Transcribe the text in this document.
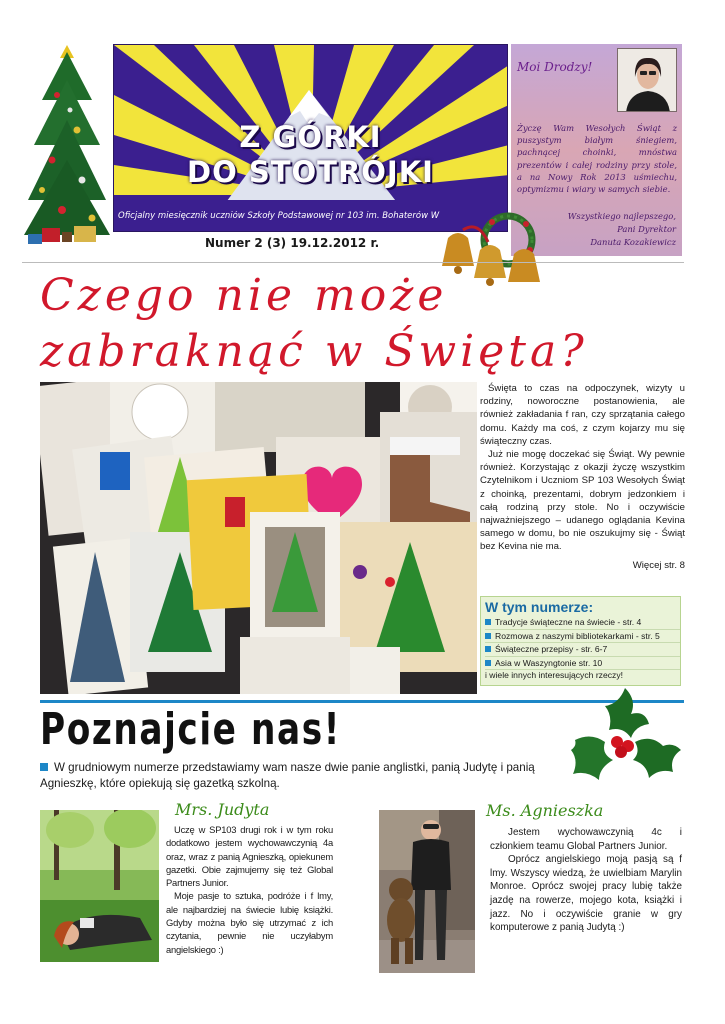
Z GÓRKI
DO STOTRÓJKI
Oficjalny miesięcznik uczniów Szkoły Podstawowej nr 103 im. Bohaterów W
Moi Drodzy!
Życzę Wam Wesołych Świąt z puszystym białym śniegiem, pachnącej choinki, mnóstwa prezentów i całej rodziny przy stole, a na Nowy Rok 2013 uśmiechu, optymizmu i wiary w samych siebie.
Wszystkiego najlepszego,
Pani Dyrektor
Danuta Kozakiewicz
Numer 2 (3) 19.12.2012 r.
Czego nie może
zabraknąć w Święta?

Święta to czas na odpoczynek, wizyty u rodziny, noworoczne postanowienia, ale również zakładania f ran, czy sprzątania całego domu. Każdy ma coś, z czym kojarzy mu się świąteczny czas.

Już nie mogę doczekać się Świąt. Wy pewnie również. Korzystając z okazji życzę wszystkim Czytelnikom i Uczniom SP 103 Wesołych Świąt z choinką, prezentami, dobrym jedzonkiem i całą rodziną przy stole. No i oczywiście najważniejszego – udanego oglądania Kevina samego w domu, bo nie oszukujmy się - Świąt bez Kevina nie ma.

Więcej str. 8

W tym numerze:
Tradycje świąteczne na świecie - str. 4
Rozmowa z naszymi bibliotekarkami - str. 5
Świąteczne przepisy - str. 6-7
Asia w Waszyngtonie str. 10
i wiele innych interesujących rzeczy!
Poznajcie nas!
W grudniowym numerze przedstawiamy wam nasze dwie panie anglistki, panią Judytę i panią Agnieszkę, które opiekują się gazetką szkolną.
Mrs. Judyta

Uczę w SP103 drugi rok i w tym roku dodatkowo jestem wychowawczynią 4a oraz, wraz z panią Agnieszką, opiekunem gazetki. Obie zajmujemy się też Global Partners Junior.

Moje pasje to sztuka, podróże i f lmy, ale najbardziej na świecie lubię książki. Gdyby można było się utrzymać z ich czytania, pewnie nie uczyłabym angielskiego :)

Ms. Agnieszka

Jestem wychowawczynią 4c i członkiem teamu Global Partners Junior.

Oprócz angielskiego moją pasją są f lmy. Wszyscy wiedzą, że uwielbiam Marylin Monroe. Oprócz swojej pracy lubię także jazdę na rowerze, mojego kota, książki i jazz. No i oczywiście granie w gry komputerowe z panią Judytą :)
